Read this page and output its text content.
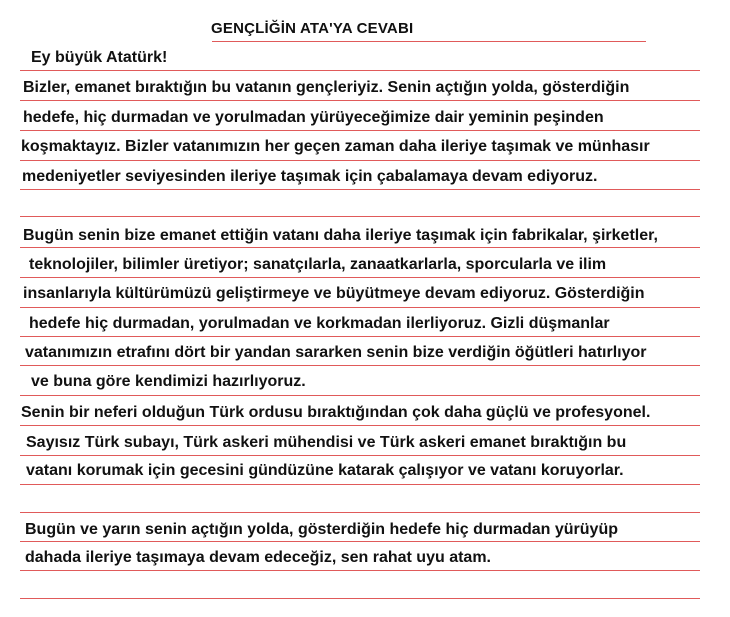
GENÇLİĞİN ATA'YA CEVABI
Ey büyük Atatürk!
Bizler, emanet bıraktığın bu vatanın gençleriyiz. Senin açtığın yolda, gösterdiğin
hedefe, hiç durmadan ve yorulmadan yürüyeceğimize dair yeminin peşinden
koşmaktayız. Bizler vatanımızın her geçen zaman daha ileriye taşımak ve münhasır
medeniyetler seviyesinden ileriye taşımak için çabalamaya devam ediyoruz.
Bugün senin bize emanet ettiğin vatanı daha ileriye taşımak için fabrikalar, şirketler,
teknolojiler, bilimler üretiyor; sanatçılarla, zanaatkarlarla, sporcularla ve ilim
insanlarıyla kültürümüzü geliştirmeye ve büyütmeye devam ediyoruz. Gösterdiğin
hedefe hiç durmadan, yorulmadan ve korkmadan ilerliyoruz. Gizli düşmanlar
vatanımızın etrafını dört bir yandan sararken senin bize verdiğin öğütleri hatırlıyor
ve buna göre kendimizi hazırlıyoruz.
Senin bir neferi olduğun Türk ordusu bıraktığından çok daha güçlü ve profesyonel.
Sayısız Türk subayı, Türk askeri mühendisi ve Türk askeri emanet bıraktığın bu
vatanı korumak için gecesini gündüzüne katarak çalışıyor ve vatanı koruyorlar.
Bugün ve yarın senin açtığın yolda, gösterdiğin hedefe hiç durmadan yürüyüp
dahada ileriye taşımaya devam edeceğiz, sen rahat uyu atam.
